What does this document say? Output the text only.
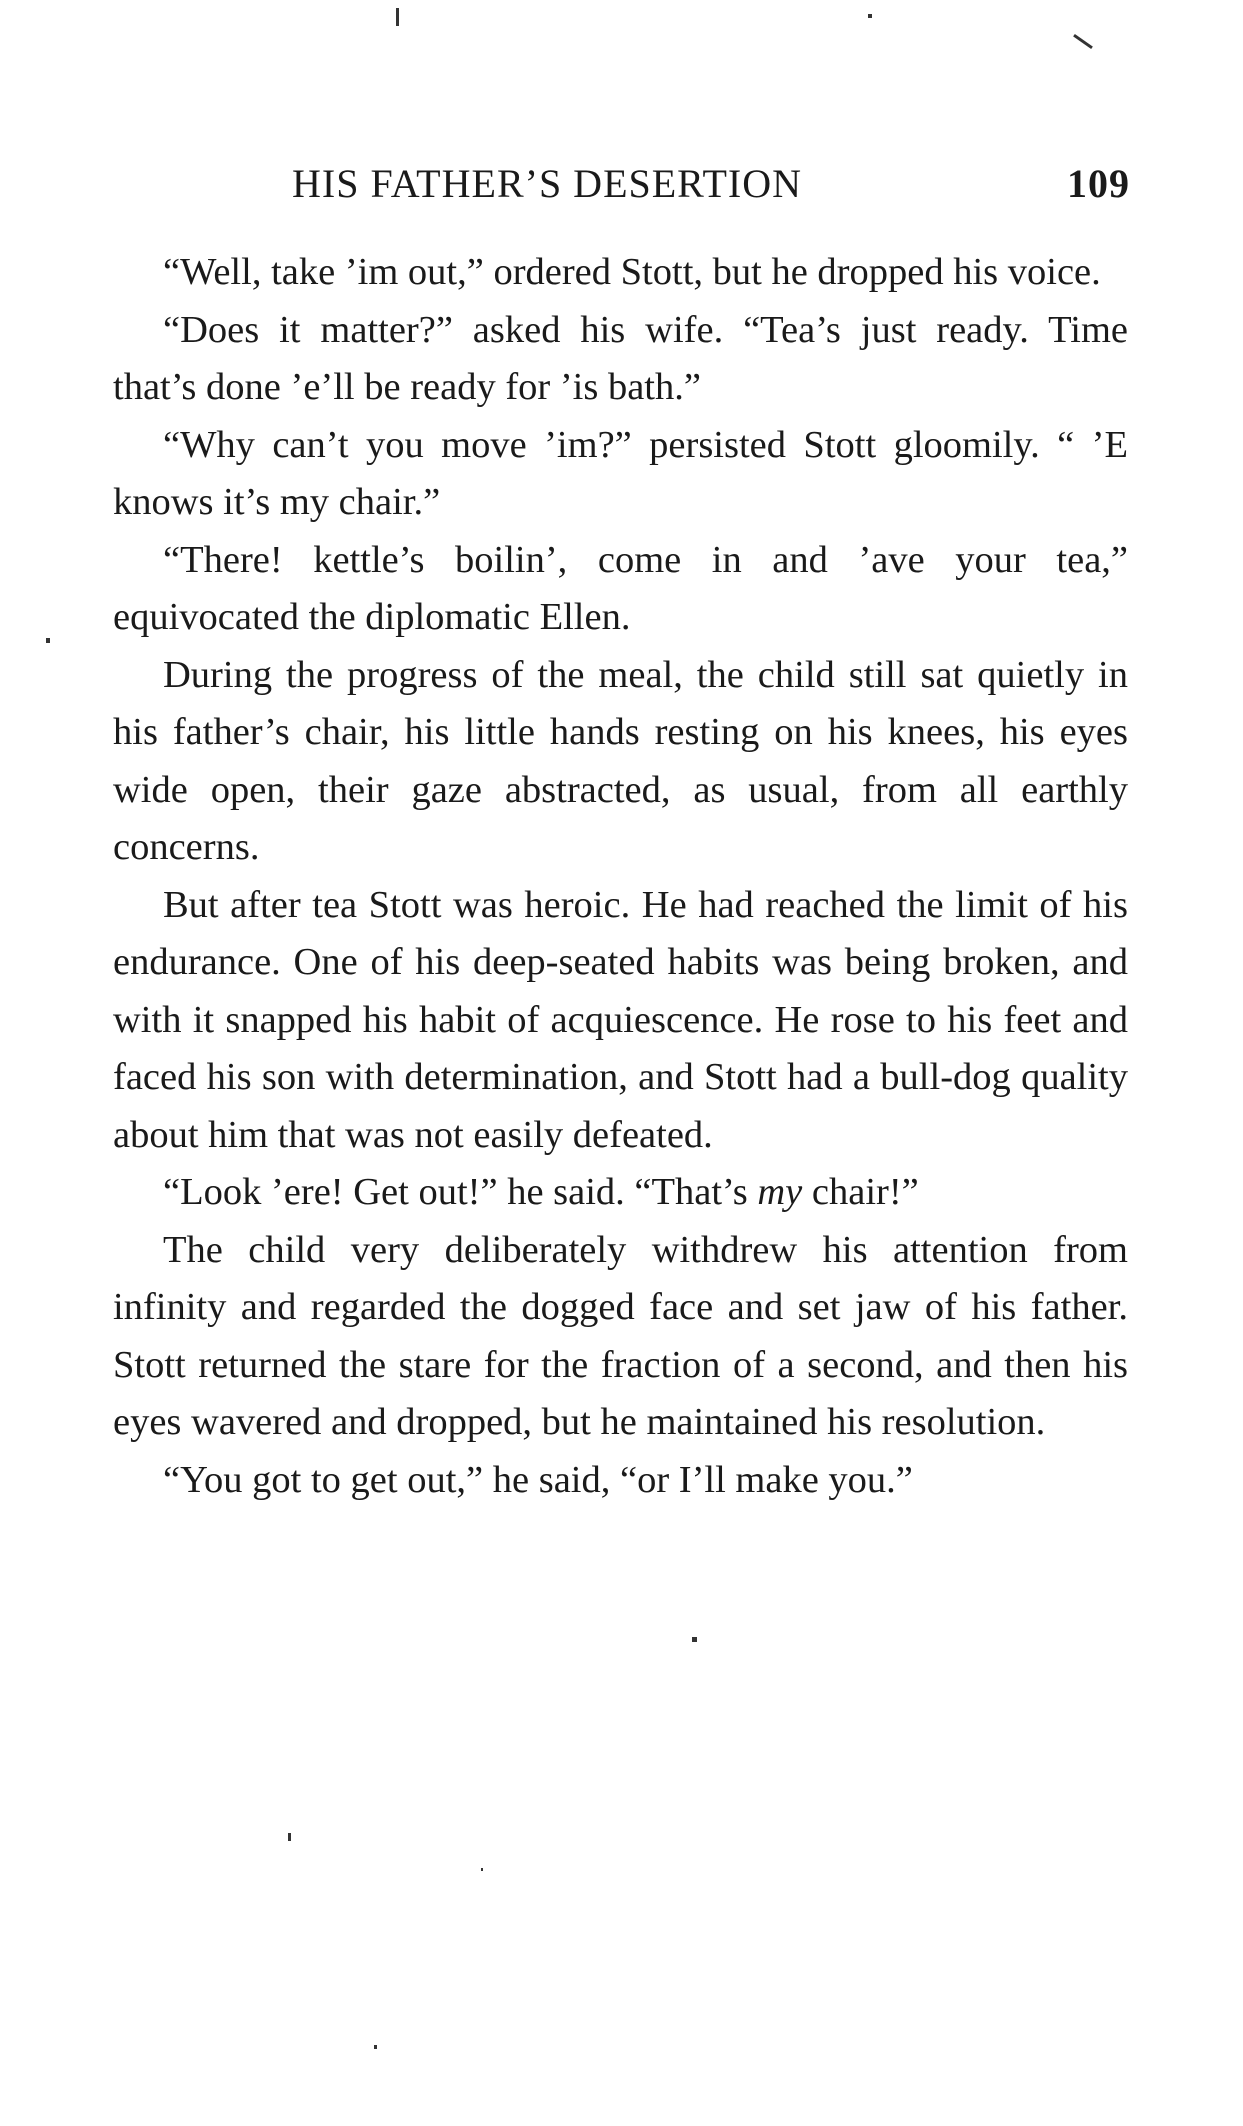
HIS FATHER’S DESERTION	109

“Well, take ’im out,” ordered Stott, but he dropped his voice.

“Does it matter?” asked his wife. “Tea’s just ready. Time that’s done ’e’ll be ready for ’is bath.”

“Why can’t you move ’im?” persisted Stott gloomily. “ ’E knows it’s my chair.”

“There! kettle’s boilin’, come in and ’ave your tea,” equivocated the diplomatic Ellen.

During the progress of the meal, the child still sat quietly in his father’s chair, his little hands resting on his knees, his eyes wide open, their gaze abstracted, as usual, from all earthly concerns.

But after tea Stott was heroic. He had reached the limit of his endurance. One of his deep-seated habits was being broken, and with it snapped his habit of acquiescence. He rose to his feet and faced his son with determination, and Stott had a bull-dog quality about him that was not easily defeated.

“Look ’ere! Get out!” he said. “That’s my chair!”

The child very deliberately withdrew his attention from infinity and regarded the dogged face and set jaw of his father. Stott returned the stare for the fraction of a second, and then his eyes wavered and dropped, but he maintained his resolution.

“You got to get out,” he said, “or I’ll make you.”
